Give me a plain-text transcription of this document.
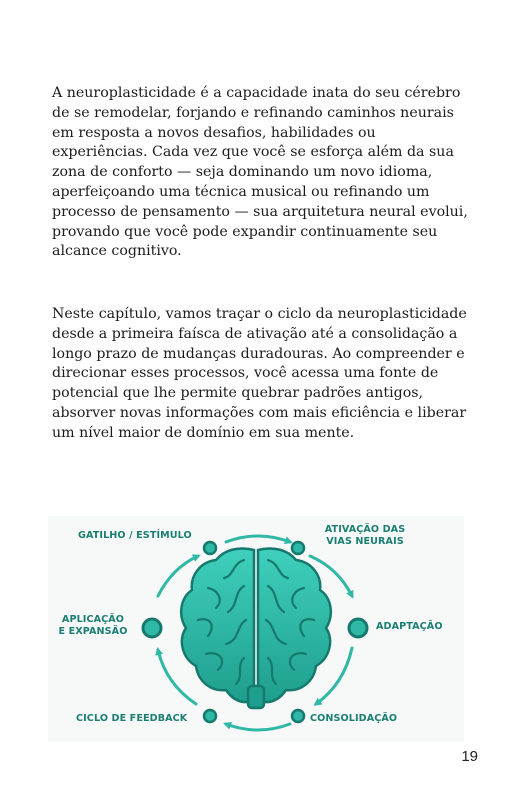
A neuroplasticidade é a capacidade inata do seu cérebro de se remodelar, forjando e refinando caminhos neurais em resposta a novos desafios, habilidades ou experiências. Cada vez que você se esforça além da sua zona de conforto — seja dominando um novo idioma, aperfeiçoando uma técnica musical ou refinando um processo de pensamento — sua arquitetura neural evolui, provando que você pode expandir continuamente seu alcance cognitivo.

Neste capítulo, vamos traçar o ciclo da neuroplasticidade desde a primeira faísca de ativação até a consolidação a longo prazo de mudanças duradouras. Ao compreender e direcionar esses processos, você acessa uma fonte de potencial que lhe permite quebrar padrões antigos, absorver novas informações com mais eficiência e liberar um nível maior de domínio em sua mente.

GATILHO / ESTÍMULO
ATIVAÇÃO DAS
VIAS NEURAIS
APLICAÇÃO
E EXPANSÃO	ADAPTAÇÃO
CICLO DE FEEDBACK	CONSOLIDAÇÃO
19
